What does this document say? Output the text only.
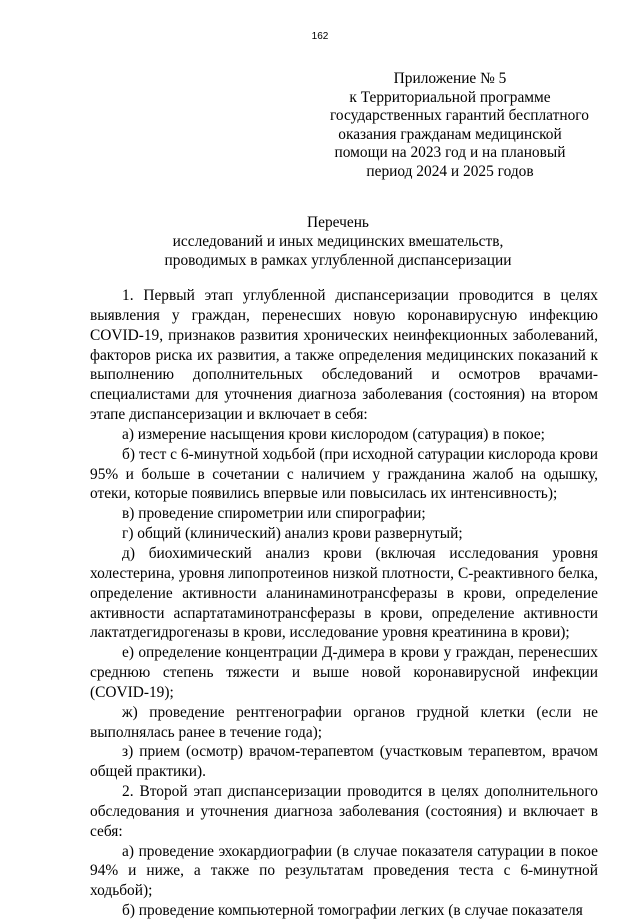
162
Приложение № 5
к Территориальной программе
государственных гарантий бесплатного
оказания гражданам медицинской
помощи на 2023 год и на плановый
период 2024 и 2025 годов
Перечень
исследований и иных медицинских вмешательств,
проводимых в рамках углубленной диспансеризации

1. Первый этап углубленной диспансеризации проводится в целях выявления у граждан, перенесших новую коронавирусную инфекцию COVID-19, признаков развития хронических неинфекционных заболеваний, факторов риска их развития, а также определения медицинских показаний к выполнению дополнительных обследований и осмотров врачами-специалистами для уточнения диагноза заболевания (состояния) на втором этапе диспансеризации и включает в себя:

а) измерение насыщения крови кислородом (сатурация) в покое;

б) тест с 6-минутной ходьбой (при исходной сатурации кислорода крови 95% и больше в сочетании с наличием у гражданина жалоб на одышку, отеки, которые появились впервые или повысилась их интенсивность);

в) проведение спирометрии или спирографии;

г) общий (клинический) анализ крови развернутый;

д) биохимический анализ крови (включая исследования уровня холестерина, уровня липопротеинов низкой плотности, С-реактивного белка, определение активности аланинаминотрансферазы в крови, определение активности аспартатаминотрансферазы в крови, определение активности лактатдегидрогеназы в крови, исследование уровня креатинина в крови);

е) определение концентрации Д-димера в крови у граждан, перенесших среднюю степень тяжести и выше новой коронавирусной инфекции (COVID-19);

ж) проведение рентгенографии органов грудной клетки (если не выполнялась ранее в течение года);

з) прием (осмотр) врачом-терапевтом (участковым терапевтом, врачом общей практики).

2. Второй этап диспансеризации проводится в целях дополнительного обследования и уточнения диагноза заболевания (состояния) и включает в себя:

а) проведение эхокардиографии (в случае показателя сатурации в покое 94% и ниже, а также по результатам проведения теста с 6-минутной ходьбой);

б) проведение компьютерной томографии легких (в случае показателя
